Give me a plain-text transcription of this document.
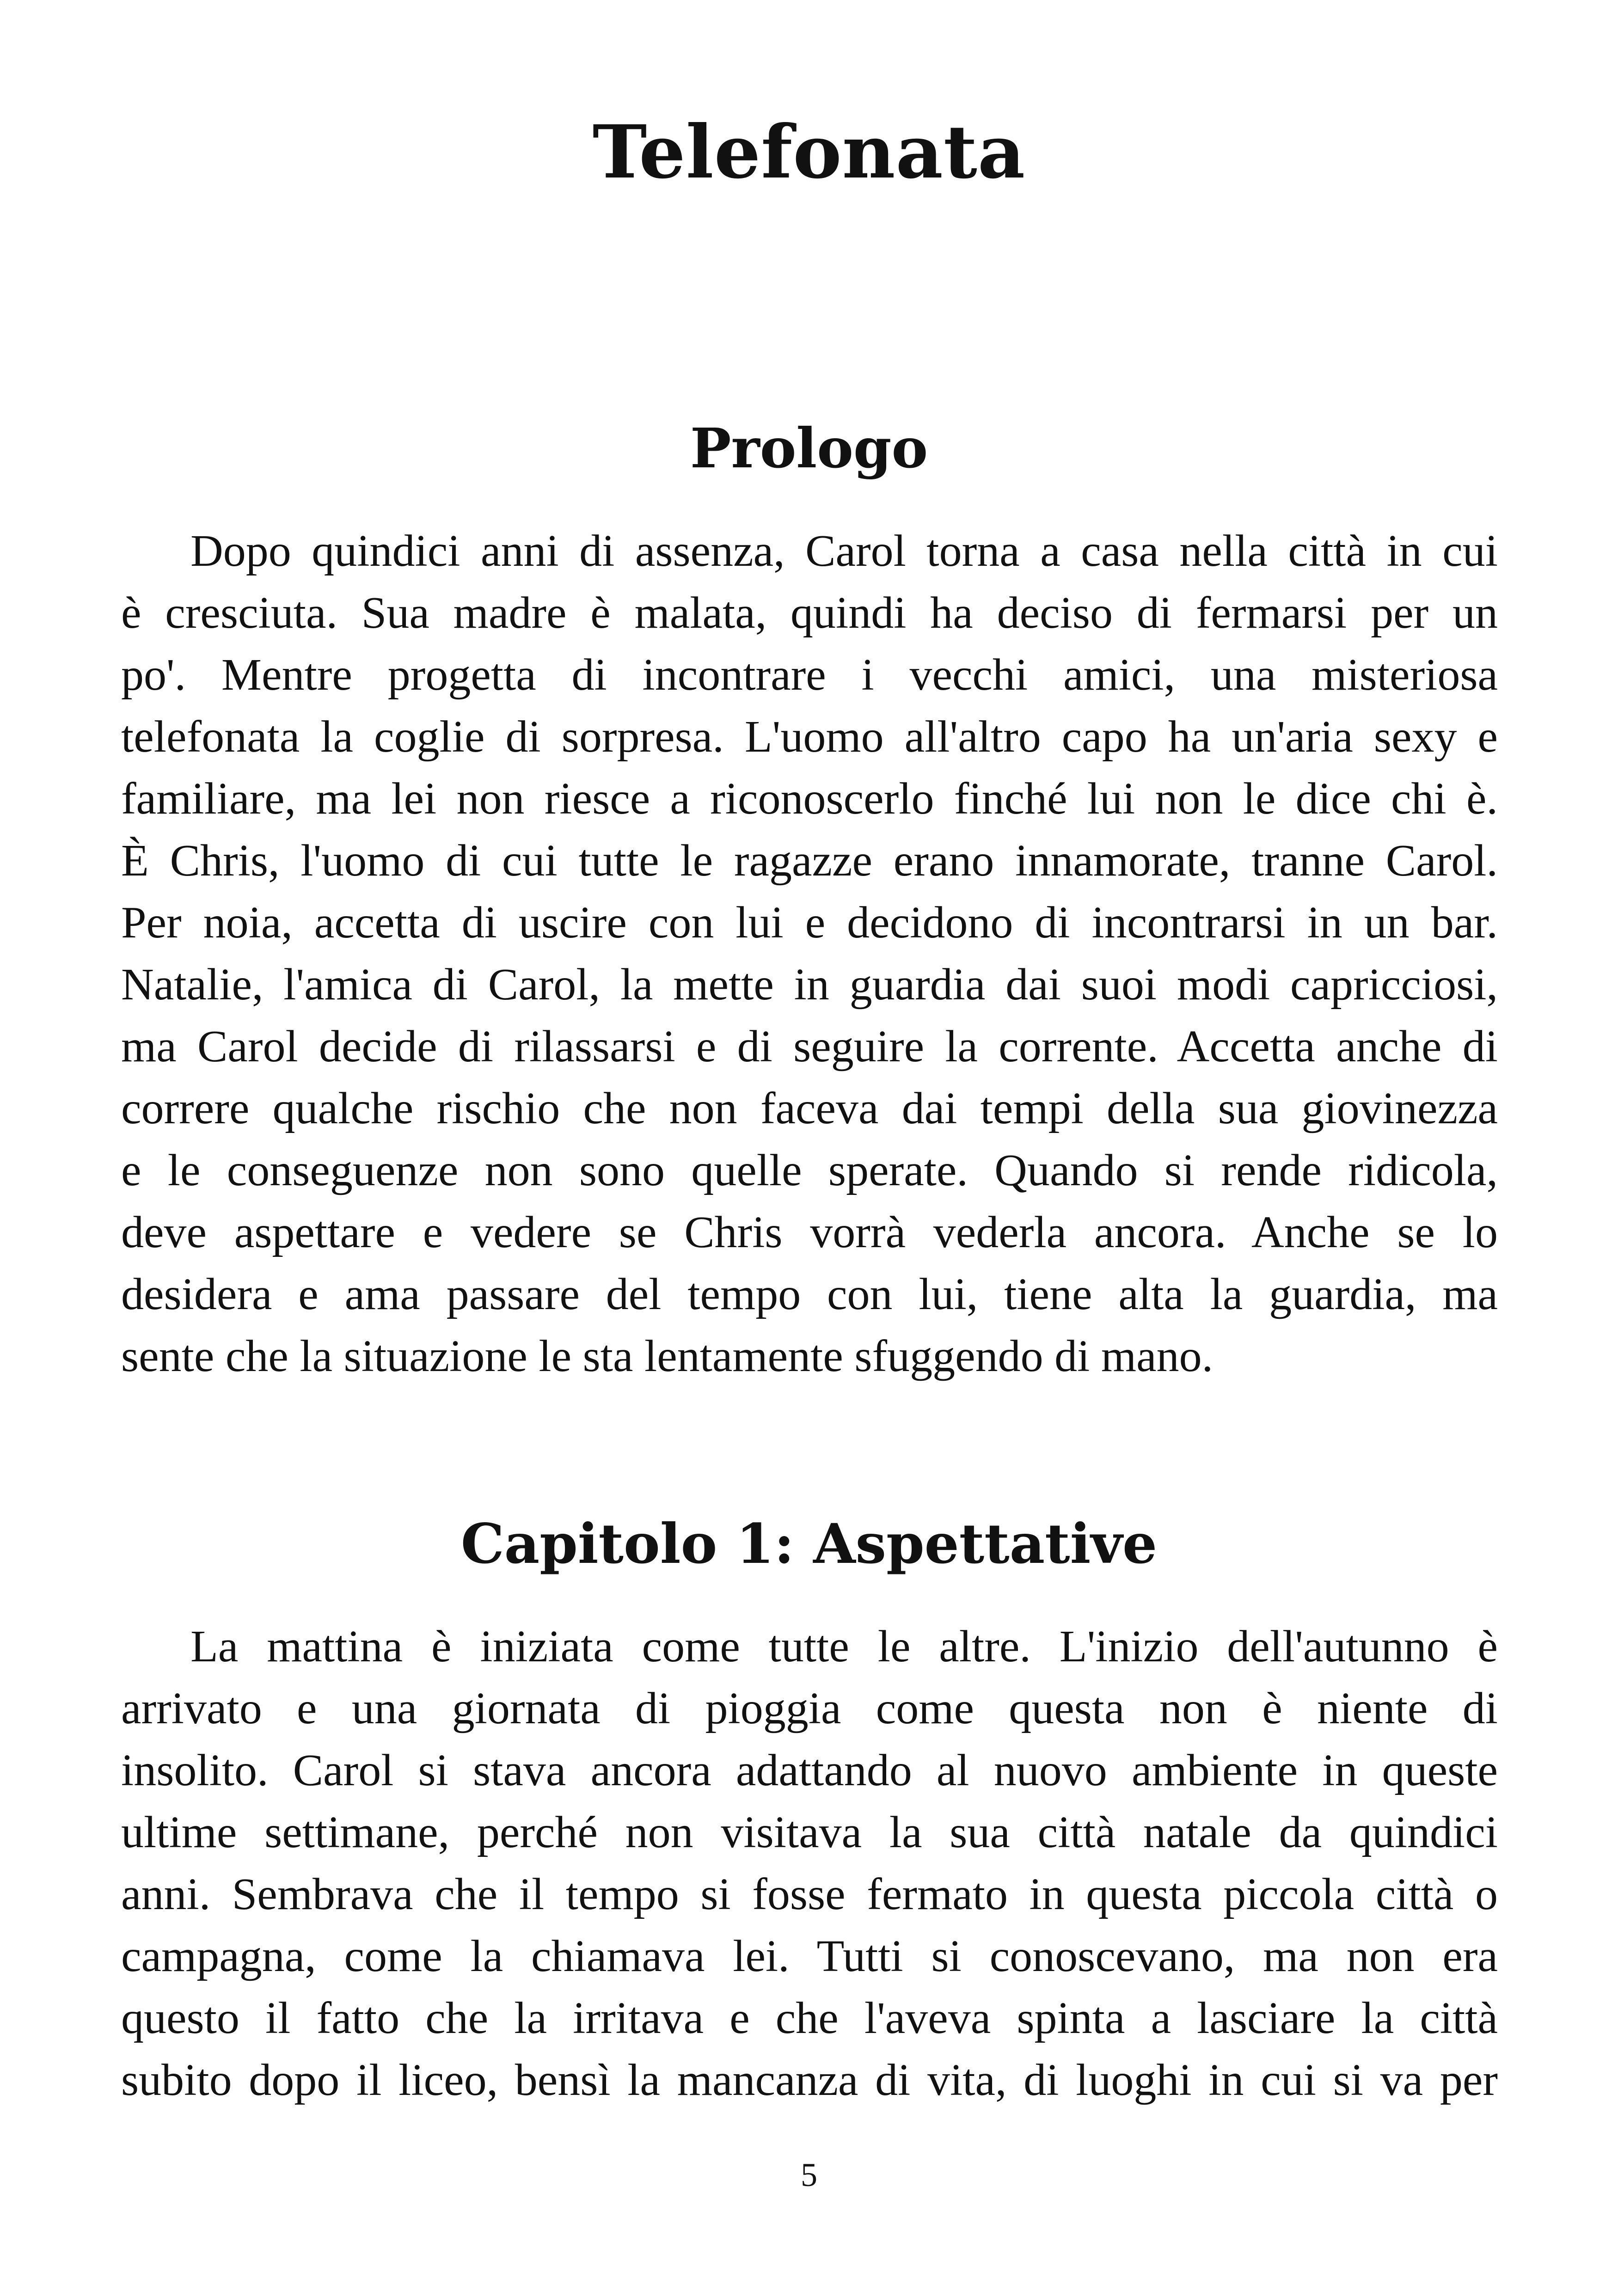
Telefonata
Prologo
Dopo quindici anni di assenza, Carol torna a casa nella città in cui
è cresciuta. Sua madre è malata, quindi ha deciso di fermarsi per un
po'. Mentre progetta di incontrare i vecchi amici, una misteriosa
telefonata la coglie di sorpresa. L'uomo all'altro capo ha un'aria sexy e
familiare, ma lei non riesce a riconoscerlo finché lui non le dice chi è.
È Chris, l'uomo di cui tutte le ragazze erano innamorate, tranne Carol.
Per noia, accetta di uscire con lui e decidono di incontrarsi in un bar.
Natalie, l'amica di Carol, la mette in guardia dai suoi modi capricciosi,
ma Carol decide di rilassarsi e di seguire la corrente. Accetta anche di
correre qualche rischio che non faceva dai tempi della sua giovinezza
e le conseguenze non sono quelle sperate. Quando si rende ridicola,
deve aspettare e vedere se Chris vorrà vederla ancora. Anche se lo
desidera e ama passare del tempo con lui, tiene alta la guardia, ma
sente che la situazione le sta lentamente sfuggendo di mano.
Capitolo 1: Aspettative
La mattina è iniziata come tutte le altre. L'inizio dell'autunno è
arrivato e una giornata di pioggia come questa non è niente di
insolito. Carol si stava ancora adattando al nuovo ambiente in queste
ultime settimane, perché non visitava la sua città natale da quindici
anni. Sembrava che il tempo si fosse fermato in questa piccola città o
campagna, come la chiamava lei. Tutti si conoscevano, ma non era
questo il fatto che la irritava e che l'aveva spinta a lasciare la città
subito dopo il liceo, bensì la mancanza di vita, di luoghi in cui si va per
5
